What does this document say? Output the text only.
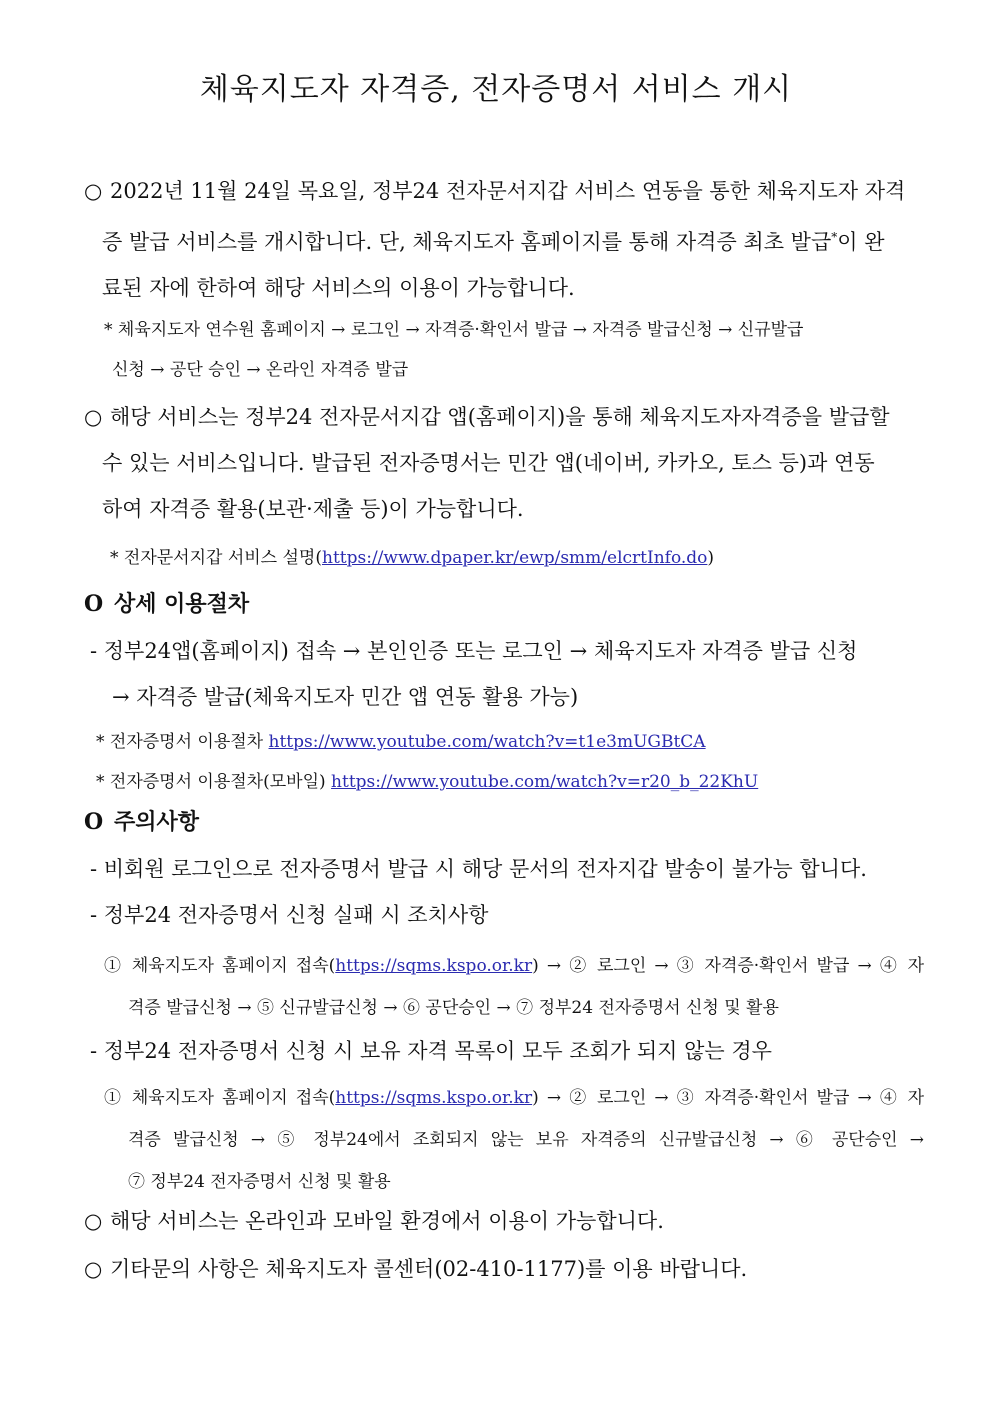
체육지도자 자격증, 전자증명서 서비스 개시
○ 2022년 11월 24일 목요일, 정부24 전자문서지갑 서비스 연동을 통한 체육지도자 자격
증 발급 서비스를 개시합니다. 단, 체육지도자 홈페이지를 통해 자격증 최초 발급*이 완
료된 자에 한하여 해당 서비스의 이용이 가능합니다.
* 체육지도자 연수원 홈페이지 → 로그인 → 자격증·확인서 발급 → 자격증 발급신청 → 신규발급
신청 → 공단 승인 → 온라인 자격증 발급
○ 해당 서비스는 정부24 전자문서지갑 앱(홈페이지)을 통해 체육지도자자격증을 발급할
수 있는 서비스입니다. 발급된 전자증명서는 민간 앱(네이버, 카카오, 토스 등)과 연동
하여 자격증 활용(보관·제출 등)이 가능합니다.
* 전자문서지갑 서비스 설명(https://www.dpaper.kr/ewp/smm/elcrtInfo.do)
O 상세 이용절차
- 정부24앱(홈페이지) 접속 → 본인인증 또는 로그인 → 체육지도자 자격증 발급 신청
→ 자격증 발급(체육지도자 민간 앱 연동 활용 가능)
* 전자증명서 이용절차 https://www.youtube.com/watch?v=t1e3mUGBtCA
* 전자증명서 이용절차(모바일) https://www.youtube.com/watch?v=r20_b_22KhU
O 주의사항
- 비회원 로그인으로 전자증명서 발급 시 해당 문서의 전자지갑 발송이 불가능 합니다.
- 정부24 전자증명서 신청 실패 시 조치사항
① 체육지도자 홈페이지 접속(https://sqms.kspo.or.kr) → ② 로그인 → ③ 자격증·확인서 발급 → ④ 자
격증 발급신청 → ⑤ 신규발급신청 → ⑥ 공단승인 → ⑦ 정부24 전자증명서 신청 및 활용
- 정부24 전자증명서 신청 시 보유 자격 목록이 모두 조회가 되지 않는 경우
① 체육지도자 홈페이지 접속(https://sqms.kspo.or.kr) → ② 로그인 → ③ 자격증·확인서 발급 → ④ 자
격증 발급신청 → ⑤ 정부24에서 조회되지 않는 보유 자격증의 신규발급신청 → ⑥ 공단승인 →
⑦ 정부24 전자증명서 신청 및 활용
○ 해당 서비스는 온라인과 모바일 환경에서 이용이 가능합니다.
○ 기타문의 사항은 체육지도자 콜센터(02-410-1177)를 이용 바랍니다.
